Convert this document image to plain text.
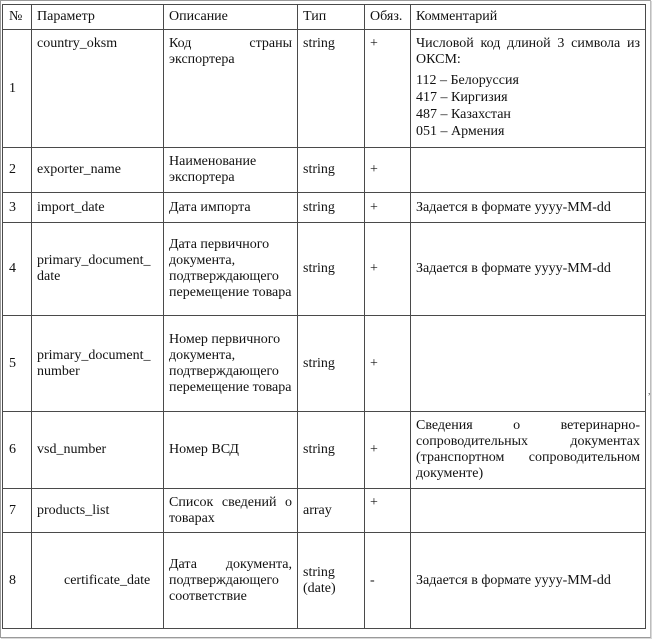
№	Параметр	Описание	Тип	Обяз.	Комментарий
1	country_oksm	Код страны экспортера	string	+	Числовой код длиной 3 символа из ОКСМ:
112 – Белоруссия
417 – Киргизия
487 – Казахстан
051 – Армения

2	exporter_name	Наименование экспортера	string	+	
3	import_date	Дата импорта	string	+	Задается в формате yyyy-MM-dd
4	primary_document_ date	Дата первичного документа, подтверждающего перемещение товара	string	+	Задается в формате yyyy-MM-dd
5	primary_document_ number	Номер первичного документа, подтверждающего перемещение товара	string	+	
6	vsd_number	Номер ВСД	string	+	Сведения о ветеринарно-сопроводительных документах (транспортном сопроводительном документе)
7	products_list	Список сведений о товарах	array	+	
8	certificate_date	Дата документа, подтверждающего соответствие	string (date)	-	Задается в формате yyyy-MM-dd
,
